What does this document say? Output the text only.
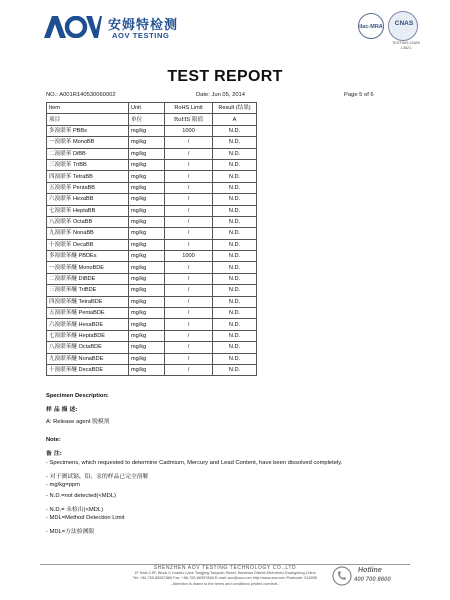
安姆特检测
AOV TESTING
ilac-MRA	CNAS
TESTING CNAS L3621
TEST REPORT
NO.: A001R140530060002	Date: Jun 05, 2014	Page 5 of 6
Item	Unit	RoHS Limit	Result (结果)
项目	单位	RoHS 限值	A
多溴联苯 PBBs	mg/kg	1000	N.D.
一溴联苯 MonoBB	mg/kg	/	N.D.
二溴联苯 DiBB	mg/kg	/	N.D.
三溴联苯 TriBB	mg/kg	/	N.D.
四溴联苯 TetraBB	mg/kg	/	N.D.
五溴联苯 PentaBB	mg/kg	/	N.D.
六溴联苯 HexaBB	mg/kg	/	N.D.
七溴联苯 HeptaBB	mg/kg	/	N.D.
八溴联苯 OctaBB	mg/kg	/	N.D.
九溴联苯 NonaBB	mg/kg	/	N.D.
十溴联苯 DecaBB	mg/kg	/	N.D.
多溴联苯醚 PBDEs	mg/kg	1000	N.D.
一溴联苯醚 MonoBDE	mg/kg	/	N.D.
二溴联苯醚 DiBDE	mg/kg	/	N.D.
三溴联苯醚 TriBDE	mg/kg	/	N.D.
四溴联苯醚 TetraBDE	mg/kg	/	N.D.
五溴联苯醚 PentaBDE	mg/kg	/	N.D.
六溴联苯醚 HexaBDE	mg/kg	/	N.D.
七溴联苯醚 HeptaBDE	mg/kg	/	N.D.
八溴联苯醚 OctaBDE	mg/kg	/	N.D.
九溴联苯醚 NonaBDE	mg/kg	/	N.D.
十溴联苯醚 DecaBDE	mg/kg	/	N.D.
Specimen Description:
样 品 描 述:
A: Release agent 脱模剂
Note:
备 注:
- Specimens, which requested to determine Cadmium, Mercury and Lead Content, have been dissolved completely.
- 对于测试镉、铅、汞的样品已完全溶解
- mg/kg=ppm
- N.D.=not detected(<MDL)
- N.D.= 未检出(<MDL)
- MDL=Method Detection Limit
- MDL=方法检测限
SHENZHEN AOV TESTING TECHNOLOGY CO.,LTD
1F East,2-5F, Block 5,Yuanbu Lane Tangjing,Taoyuan Street, Nanshan District,Shenzhen,Guangdong,China
Tel: +86-755-86557866 Fax: +86-755-86557868 E-mail: aov@aov.com http://www.aov.com Postcode: 518055
- Attention is drawn to the terms and conditions printed overleaf -
Hotline
400 700 8600
